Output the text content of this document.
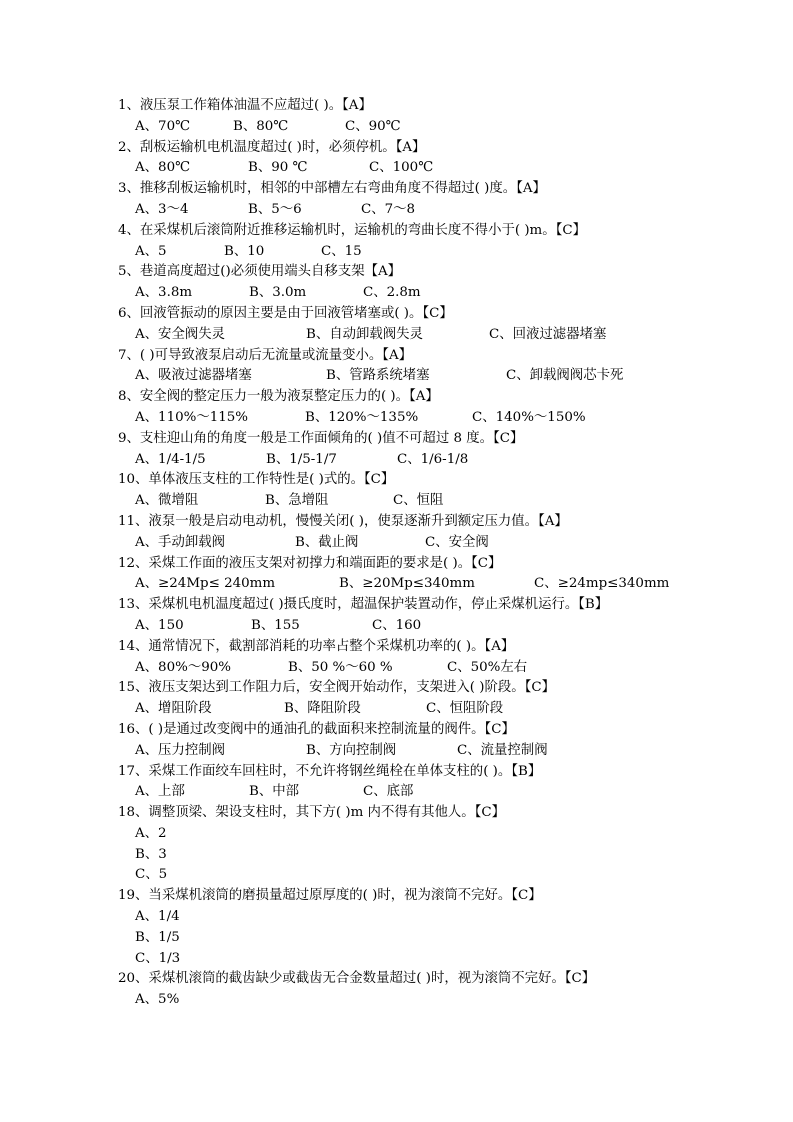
1、液压泵工作箱体油温不应超过( )。【A】
A、70℃	B、80℃	C、90℃
2、刮板运输机电机温度超过( )时，必须停机。【A】
A、80℃	B、90 ℃	C、100℃
3、推移刮板运输机时，相邻的中部槽左右弯曲角度不得超过( )度。【A】
A、3～4	B、5～6	C、7～8
4、在采煤机后滚筒附近推移运输机时，运输机的弯曲长度不得小于( )m。【C】
A、5	B、10	C、15
5、巷道高度超过()必须使用端头自移支架【A】
A、3.8m	B、3.0m	C、2.8m
6、回液管振动的原因主要是由于回液管堵塞或( )。【C】
A、安全阀失灵	B、自动卸载阀失灵	C、回液过滤器堵塞
7、( )可导致液泵启动后无流量或流量变小。【A】
A、吸液过滤器堵塞	B、管路系统堵塞	C、卸载阀阀芯卡死
8、安全阀的整定压力一般为液泵整定压力的( )。【A】
A、110%～115%	B、120%～135%	C、140%～150%
9、支柱迎山角的角度一般是工作面倾角的( )值不可超过 8 度。【C】
A、1/4-1/5	B、1/5-1/7	C、1/6-1/8
10、单体液压支柱的工作特性是( )式的。【C】
A、微增阻	B、急增阻	C、恒阻
11、液泵一般是启动电动机，慢慢关闭( )，使泵逐渐升到额定压力值。【A】
A、手动卸载阀	B、截止阀	C、安全阀
12、采煤工作面的液压支架对初撑力和端面距的要求是( )。【C】
A、≥24Mp≤ 240mm	B、≥20Mp≤340mm	C、≥24mp≤340mm
13、采煤机电机温度超过( )摄氏度时，超温保护装置动作，停止采煤机运行。【B】
A、150	B、155	C、160
14、通常情况下，截割部消耗的功率占整个采煤机功率的( )。【A】
A、80%～90%	B、50 %～60 %	C、50%左右
15、液压支架达到工作阻力后，安全阀开始动作，支架进入( )阶段。【C】
A、增阻阶段	B、降阻阶段	C、恒阻阶段
16、( )是通过改变阀中的通油孔的截面积来控制流量的阀件。【C】
A、压力控制阀	B、方向控制阀	C、流量控制阀
17、采煤工作面绞车回柱时，不允许将钢丝绳栓在单体支柱的( )。【B】
A、上部	B、中部	C、底部
18、调整顶梁、架设支柱时，其下方( )m 内不得有其他人。【C】
A、2
B、3
C、5
19、当采煤机滚筒的磨损量超过原厚度的( )时，视为滚筒不完好。【C】
A、1/4
B、1/5
C、1/3
20、采煤机滚筒的截齿缺少或截齿无合金数量超过( )时，视为滚筒不完好。【C】
A、5%
